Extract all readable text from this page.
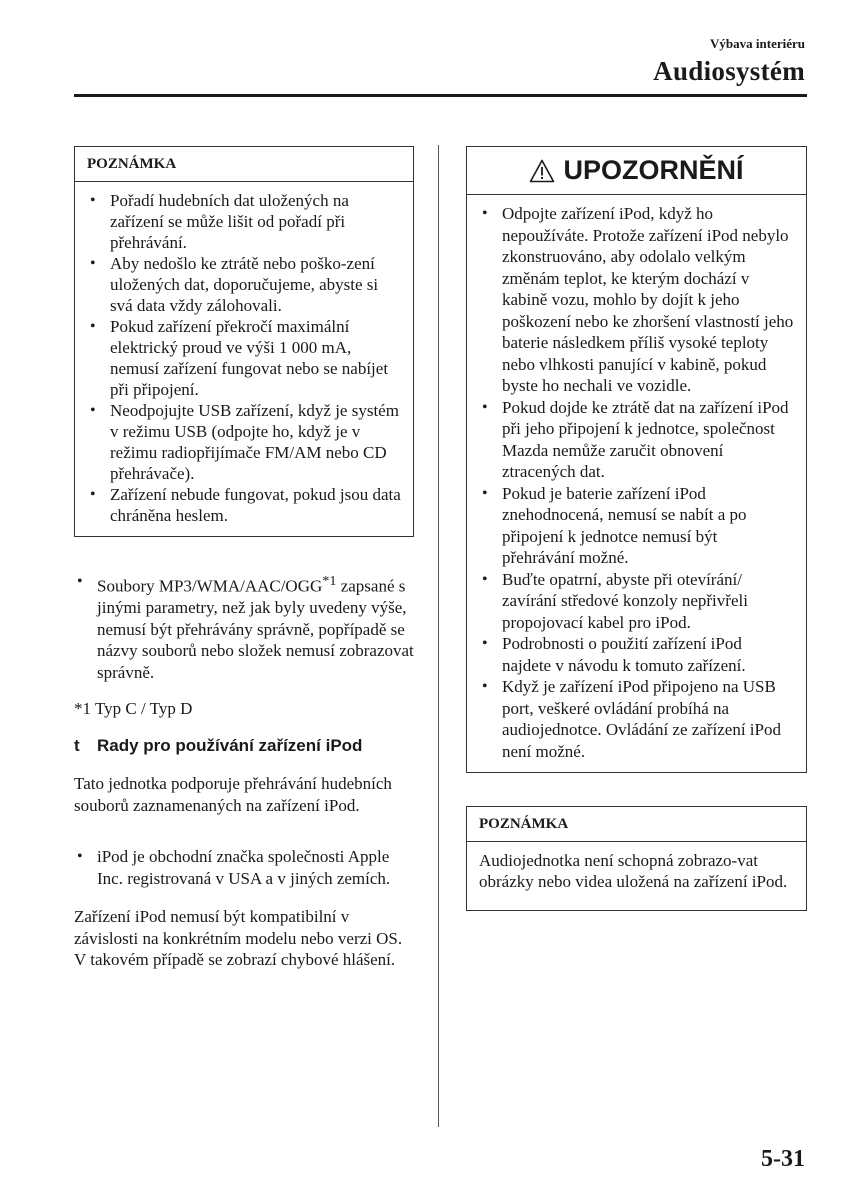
Výbava interiéru
Audiosystém
POZNÁMKA
• Pořadí hudebních dat uložených na zařízení se může lišit od pořadí při přehrávání.
• Aby nedošlo ke ztrátě nebo poško-zení uložených dat, doporučujeme, abyste si svá data vždy zálohovali.
• Pokud zařízení překročí maximální elektrický proud ve výši 1 000 mA, nemusí zařízení fungovat nebo se nabíjet při připojení.
• Neodpojujte USB zařízení, když je systém v režimu USB (odpojte ho, když je v režimu radiopřijímače FM/AM nebo CD přehrávače).
• Zařízení nebude fungovat, pokud jsou data chráněna heslem.
• Soubory MP3/WMA/AAC/OGG$^{*1}$ zapsané s jinými parametry, než jak byly uvedeny výše, nemusí být přehrávány správně, popřípadě se názvy souborů nebo složek nemusí zobrazovat správně.
*1 Typ C / Typ D
t	Rady pro používání zařízení iPod

Tato jednotka podporuje přehrávání hudebních souborů zaznamenaných na zařízení iPod.

• iPod je obchodní značka společnosti Apple Inc. registrovaná v USA a v jiných zemích.

Zařízení iPod nemusí být kompatibilní v závislosti na konkrétním modelu nebo verzi OS. V takovém případě se zobrazí chybové hlášení.

UPOZORNĚNÍ
• Odpojte zařízení iPod, když ho nepoužíváte. Protože zařízení iPod nebylo zkonstruováno, aby odolalo velkým změnám teplot, ke kterým dochází v kabině vozu, mohlo by dojít k jeho poškození nebo ke zhoršení vlastností jeho baterie následkem příliš vysoké teploty nebo vlhkosti panující v kabině, pokud byste ho nechali ve vozidle.
• Pokud dojde ke ztrátě dat na zařízení iPod při jeho připojení k jednotce, společnost Mazda nemůže zaručit obnovení ztracených dat.
• Pokud je baterie zařízení iPod znehodnocená, nemusí se nabít a po připojení k jednotce nemusí být přehrávání možné.
• Buďte opatrní, abyste při otevírání/ zavírání středové konzoly nepřivřeli propojovací kabel pro iPod.
• Podrobnosti o použití zařízení iPod najdete v návodu k tomuto zařízení.
• Když je zařízení iPod připojeno na USB port, veškeré ovládání probíhá na audiojednotce. Ovládání ze zařízení iPod není možné.
POZNÁMKA
Audiojednotka není schopná zobrazo-vat obrázky nebo videa uložená na zařízení iPod.
5-31
